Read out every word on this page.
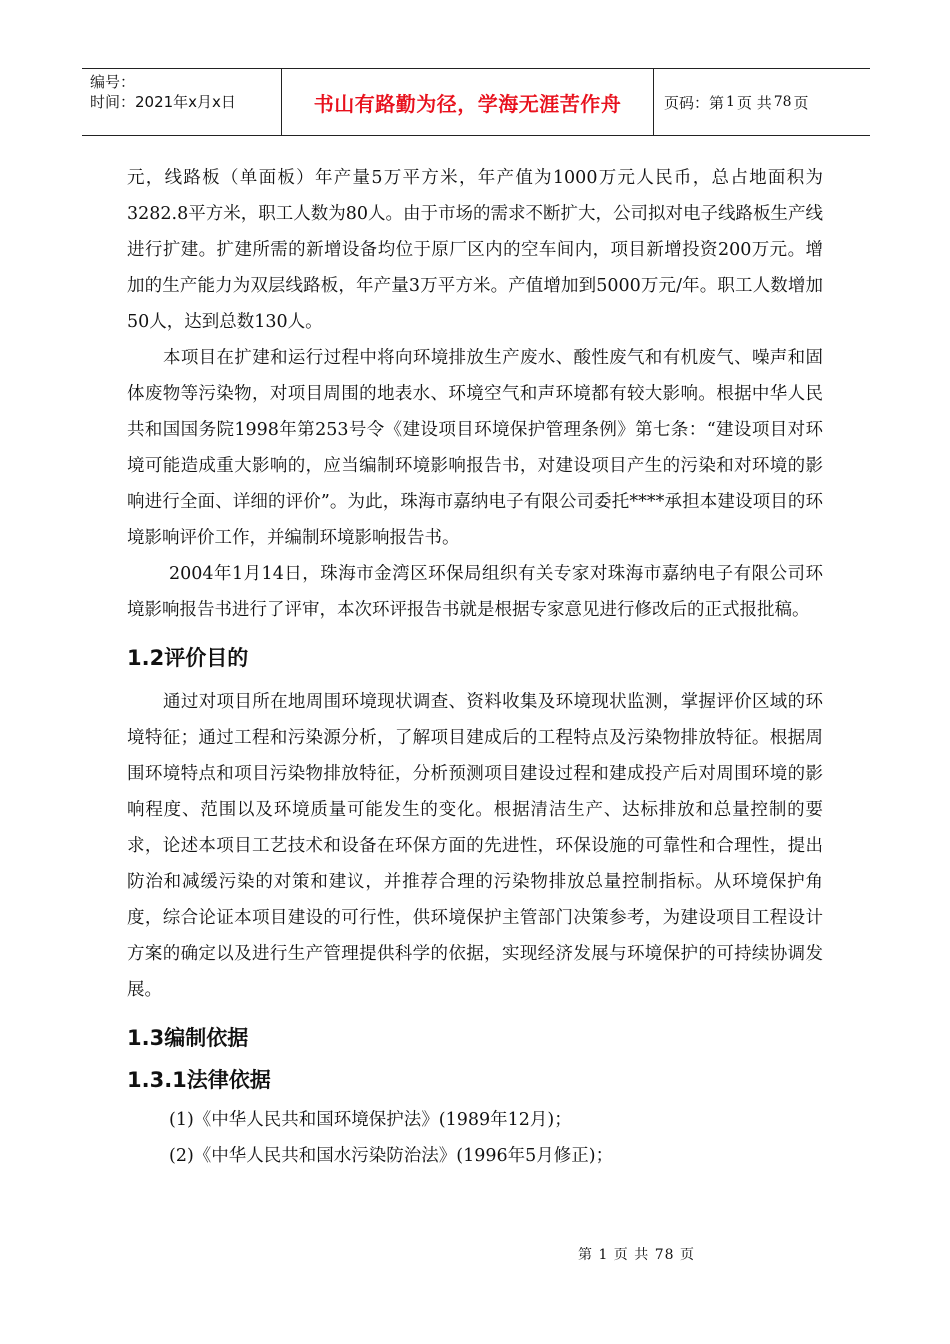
编号：
时间：2021年x月x日	书山有路勤为径，学海无涯苦作舟	页码：第 1 页 共 78 页

元，线路板（单面板）年产量5万平方米，年产值为1000万元人民币，总占地面积为3282.8平方米，职工人数为80人。由于市场的需求不断扩大，公司拟对电子线路板生产线进行扩建。扩建所需的新增设备均位于原厂区内的空车间内，项目新增投资200万元。增加的生产能力为双层线路板，年产量3万平方米。产值增加到5000万元/年。职工人数增加50人，达到总数130人。

本项目在扩建和运行过程中将向环境排放生产废水、酸性废气和有机废气、噪声和固体废物等污染物，对项目周围的地表水、环境空气和声环境都有较大影响。根据中华人民共和国国务院1998年第253号令《建设项目环境保护管理条例》第七条：“建设项目对环境可能造成重大影响的，应当编制环境影响报告书，对建设项目产生的污染和对环境的影响进行全面、详细的评价”。为此，珠海市嘉纳电子有限公司委托****承担本建设项目的环境影响评价工作，并编制环境影响报告书。

2004年1月14日，珠海市金湾区环保局组织有关专家对珠海市嘉纳电子有限公司环境影响报告书进行了评审，本次环评报告书就是根据专家意见进行修改后的正式报批稿。

1.2评价目的

通过对项目所在地周围环境现状调查、资料收集及环境现状监测，掌握评价区域的环境特征；通过工程和污染源分析，了解项目建成后的工程特点及污染物排放特征。根据周围环境特点和项目污染物排放特征，分析预测项目建设过程和建成投产后对周围环境的影响程度、范围以及环境质量可能发生的变化。根据清洁生产、达标排放和总量控制的要求，论述本项目工艺技术和设备在环保方面的先进性，环保设施的可靠性和合理性，提出防治和减缓污染的对策和建议，并推荐合理的污染物排放总量控制指标。从环境保护角度，综合论证本项目建设的可行性，供环境保护主管部门决策参考，为建设项目工程设计方案的确定以及进行生产管理提供科学的依据，实现经济发展与环境保护的可持续协调发展。

1.3编制依据
1.3.1法律依据

(1)《中华人民共和国环境保护法》(1989年12月)；

(2)《中华人民共和国水污染防治法》(1996年5月修正)；

第 1 页 共 78 页
